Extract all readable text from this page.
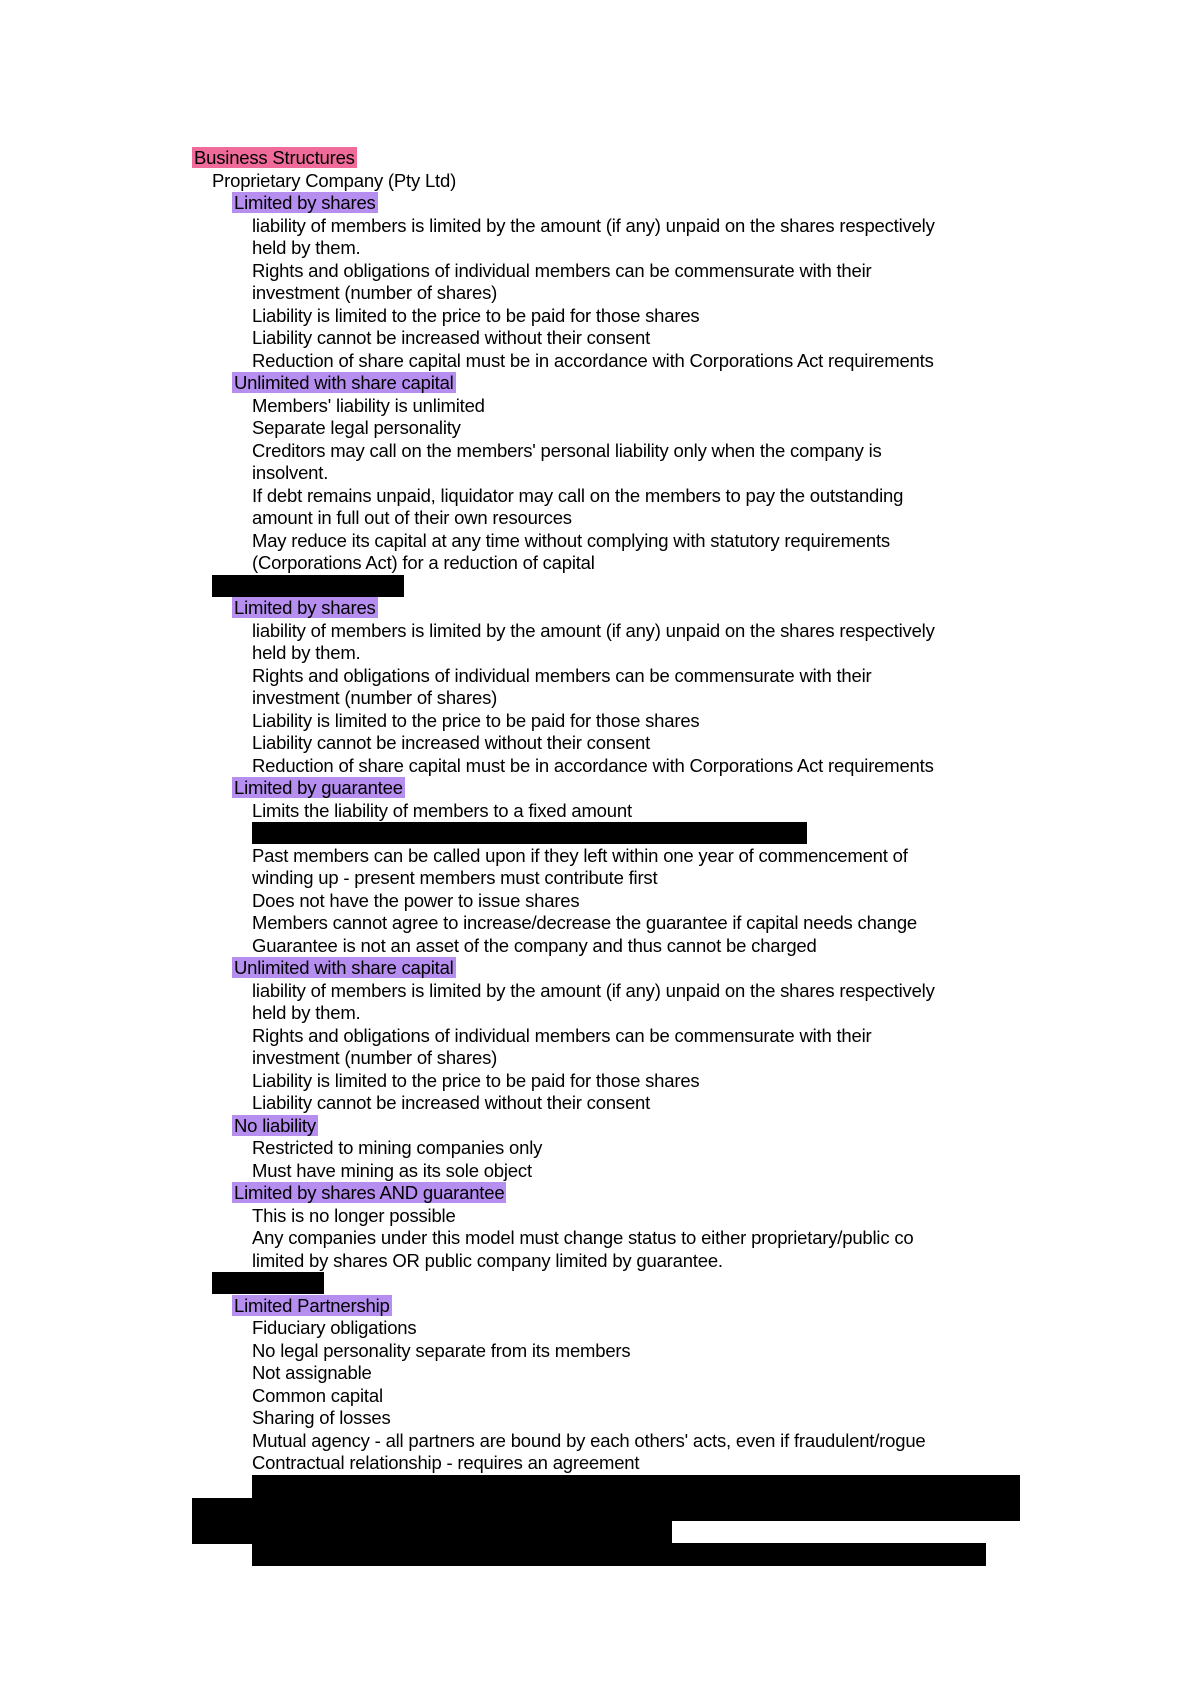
Business Structures
Proprietary Company (Pty Ltd)
Limited by shares
liability of members is limited by the amount (if any) unpaid on the shares respectively
held by them.
Rights and obligations of individual members can be commensurate with their
investment (number of shares)
Liability is limited to the price to be paid for those shares
Liability cannot be increased without their consent
Reduction of share capital must be in accordance with Corporations Act requirements
Unlimited with share capital
Members' liability is unlimited
Separate legal personality
Creditors may call on the members' personal liability only when the company is
insolvent.
If debt remains unpaid, liquidator may call on the members to pay the outstanding
amount in full out of their own resources
May reduce its capital at any time without complying with statutory requirements
(Corporations Act) for a reduction of capital
Limited by shares
liability of members is limited by the amount (if any) unpaid on the shares respectively
held by them.
Rights and obligations of individual members can be commensurate with their
investment (number of shares)
Liability is limited to the price to be paid for those shares
Liability cannot be increased without their consent
Reduction of share capital must be in accordance with Corporations Act requirements
Limited by guarantee
Limits the liability of members to a fixed amount
Past members can be called upon if they left within one year of commencement of
winding up - present members must contribute first
Does not have the power to issue shares
Members cannot agree to increase/decrease the guarantee if capital needs change
Guarantee is not an asset of the company and thus cannot be charged
Unlimited with share capital
liability of members is limited by the amount (if any) unpaid on the shares respectively
held by them.
Rights and obligations of individual members can be commensurate with their
investment (number of shares)
Liability is limited to the price to be paid for those shares
Liability cannot be increased without their consent
No liability
Restricted to mining companies only
Must have mining as its sole object
Limited by shares AND guarantee
This is no longer possible
Any companies under this model must change status to either proprietary/public co
limited by shares OR public company limited by guarantee.
Limited Partnership
Fiduciary obligations
No legal personality separate from its members
Not assignable
Common capital
Sharing of losses
Mutual agency - all partners are bound by each others' acts, even if fraudulent/rogue
Contractual relationship - requires an agreement
